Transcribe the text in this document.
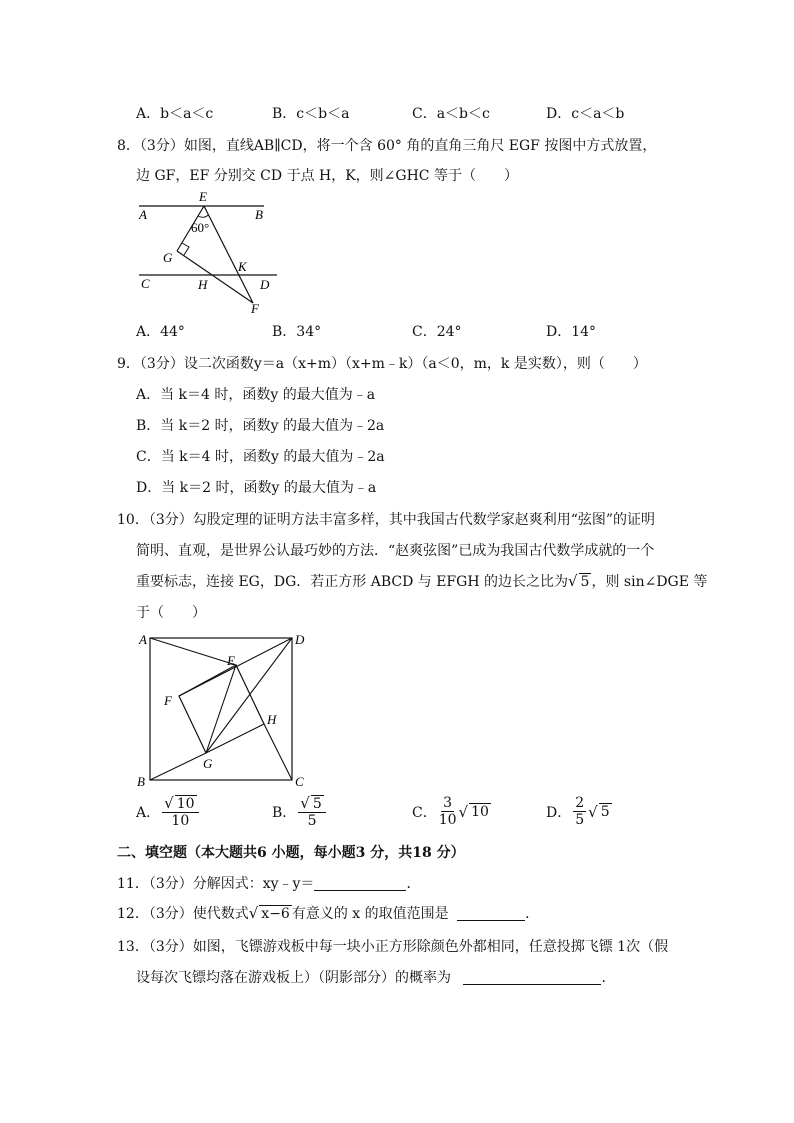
A．b＜a＜c	B．c＜b＜a	C．a＜b＜c	D．c＜a＜b
8．（3分）如图，直线AB∥CD，将一个含 60° 角的直角三角尺 EGF 按图中方式放置，
边 GF，EF 分别交 CD 于点 H，K，则∠GHC 等于（　　）
A	B
E
60°
G
K
C	H	D
F
A．44°	B．34°	C．24°	D．14°
9．（3分）设二次函数y＝a（x+m）（x+m﹣k）（a＜0，m，k 是实数），则（　　）
A．当 k＝4 时，函数y 的最大值为﹣a
B．当 k＝2 时，函数y 的最大值为﹣2a
C．当 k＝4 时，函数y 的最大值为﹣2a
D．当 k＝2 时，函数y 的最大值为﹣a
10．（3分）勾股定理的证明方法丰富多样，其中我国古代数学家赵爽利用“弦图”的证明
简明、直观，是世界公认最巧妙的方法．“赵爽弦图”已成为我国古代数学成就的一个
重要标志，连接 EG，DG．若正方形 ABCD 与 EFGH 的边长之比为√ 5 ，则 sin∠DGE 等
于（　　）
A	D
E
F
H
G
B	C
A． $\frac{√ 10}{10}$	B． $\frac{√ 5}{5}$	C． $\frac{3}{10}$ √ 10	D． $\frac{2}{5}$ √ 5
二、填空题（本大题共6 小题，每小题3 分，共18 分）
11．（3分）分解因式：xy﹣y＝	．
12．（3分）使代数式√ x−6 有意义的 x 的取值范围是	．
13．（3分）如图，飞镖游戏板中每一块小正方形除颜色外都相同，任意投掷飞镖 1次（假
设每次飞镖均落在游戏板上）（阴影部分）的概率为	．
